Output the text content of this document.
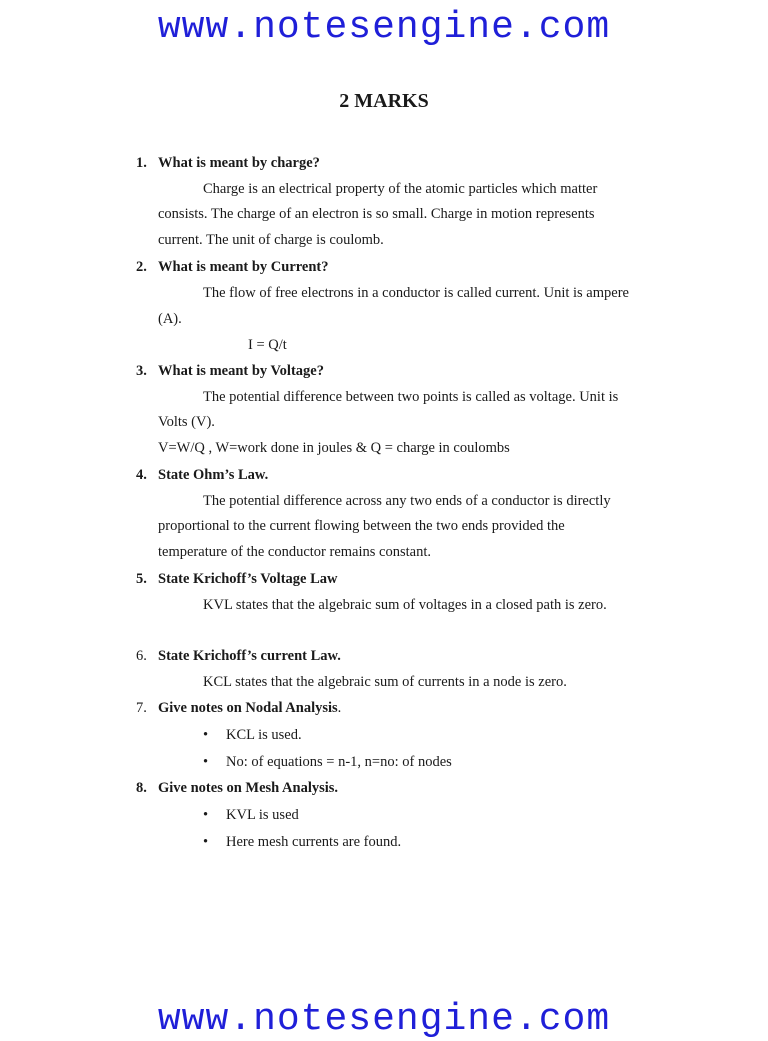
www.notesengine.com
2 MARKS
1. What is meant by charge?
Charge is an electrical property of the atomic particles which matter
consists. The charge of an electron is so small. Charge in motion represents
current. The unit of charge is coulomb.
2. What is meant by Current?
The flow of free electrons in a conductor is called current. Unit is ampere
(A).
I = Q/t
3. What is meant by Voltage?
The potential difference between two points is called as voltage. Unit is
Volts (V).
V=W/Q , W=work done in joules & Q = charge in coulombs
4. State Ohm’s Law.
The potential difference across any two ends of a conductor is directly
proportional to the current flowing between the two ends provided the
temperature of the conductor remains constant.
5. State Krichoff’s Voltage Law
KVL states that the algebraic sum of voltages in a closed path is zero.
6. State Krichoff’s current Law.
KCL states that the algebraic sum of currents in a node is zero.
7. Give notes on Nodal Analysis.
• KCL is used.
• No: of equations = n-1, n=no: of nodes
8. Give notes on Mesh Analysis.
• KVL is used
• Here mesh currents are found.
www.notesengine.com
